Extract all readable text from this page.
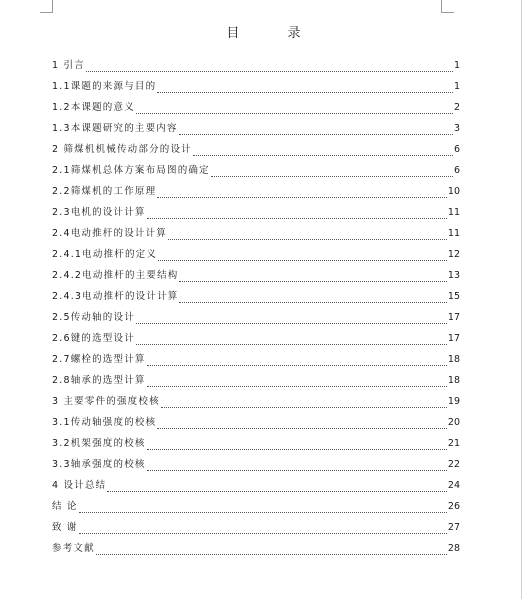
目 录
1 引言	1
1.1课题的来源与目的	1
1.2本课题的意义	2
1.3本课题研究的主要内容	3
2 筛煤机机械传动部分的设计	6
2.1筛煤机总体方案布局图的确定	6
2.2筛煤机的工作原理	10
2.3电机的设计计算	11
2.4电动推杆的设计计算	11
2.4.1电动推杆的定义	12
2.4.2电动推杆的主要结构	13
2.4.3电动推杆的设计计算	15
2.5传动轴的设计	17
2.6键的选型设计	17
2.7螺栓的选型计算	18
2.8轴承的选型计算	18
3 主要零件的强度校核	19
3.1传动轴强度的校核	20
3.2机架强度的校核	21
3.3轴承强度的校核	22
4 设计总结	24
结 论	26
致 谢	27
参考文献	28
